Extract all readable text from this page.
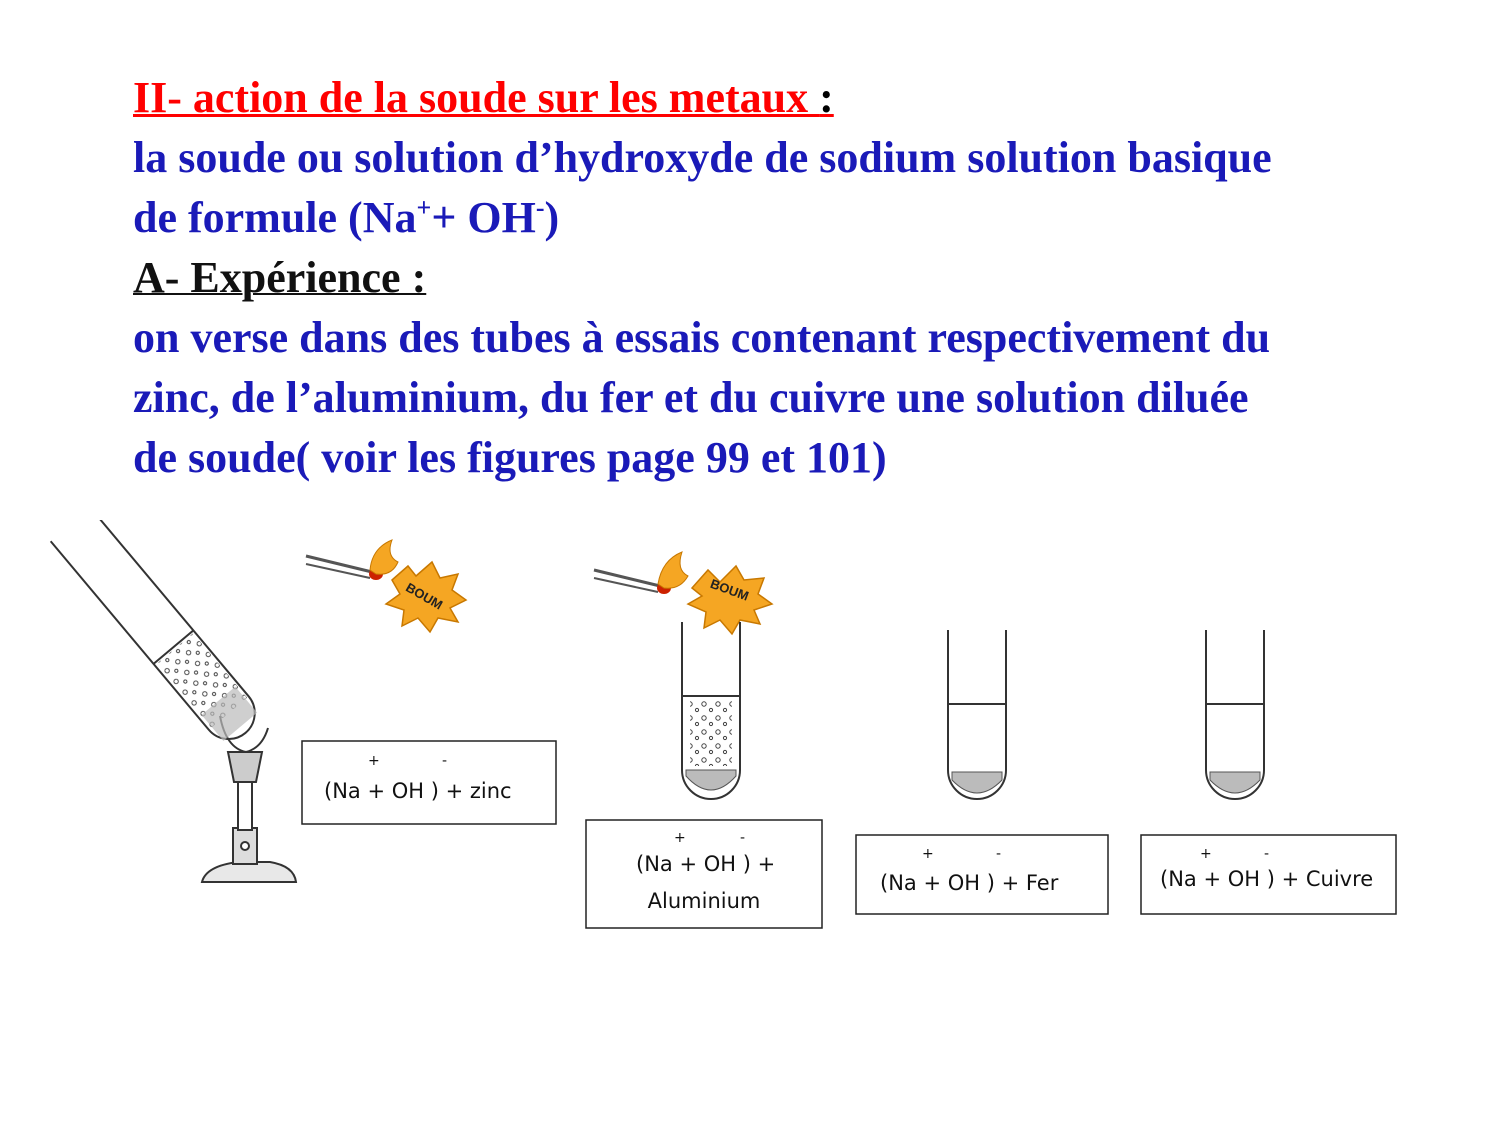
II- action de la soude sur les metaux :

la soude ou solution d’hydroxyde de sodium solution basique

de formule (Na++ OH-)

A- Expérience :

on verse dans des tubes à essais contenant respectivement du

zinc, de l’aluminium, du fer et du cuivre une solution diluée

de soude( voir les figures page 99 et 101)

BOUM
+	-
(Na + OH ) + zinc
BOUM
+	-
(Na + OH ) +
Aluminium
+	-
(Na + OH ) + Fer
+	-
(Na + OH ) + Cuivre
